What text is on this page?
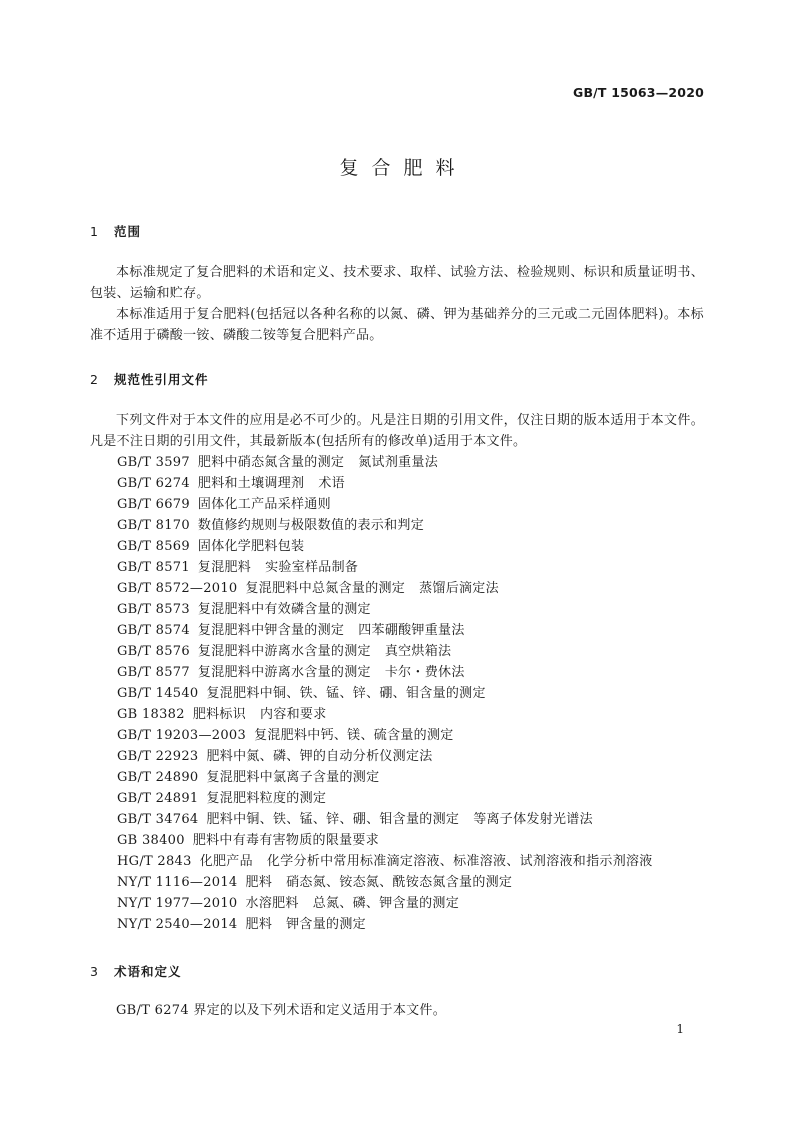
GB/T 15063—2020
复合肥料
1 范围
本标准规定了复合肥料的术语和定义、技术要求、取样、试验方法、检验规则、标识和质量证明书、包装、运输和贮存。
本标准适用于复合肥料(包括冠以各种名称的以氮、磷、钾为基础养分的三元或二元固体肥料)。本标准不适用于磷酸一铵、磷酸二铵等复合肥料产品。
2 规范性引用文件
下列文件对于本文件的应用是必不可少的。凡是注日期的引用文件，仅注日期的版本适用于本文件。凡是不注日期的引用文件，其最新版本(包括所有的修改单)适用于本文件。
GB/T 3597 肥料中硝态氮含量的测定 氮试剂重量法
GB/T 6274 肥料和土壤调理剂 术语
GB/T 6679 固体化工产品采样通则
GB/T 8170 数值修约规则与极限数值的表示和判定
GB/T 8569 固体化学肥料包装
GB/T 8571 复混肥料 实验室样品制备
GB/T 8572—2010 复混肥料中总氮含量的测定 蒸馏后滴定法
GB/T 8573 复混肥料中有效磷含量的测定
GB/T 8574 复混肥料中钾含量的测定 四苯硼酸钾重量法
GB/T 8576 复混肥料中游离水含量的测定 真空烘箱法
GB/T 8577 复混肥料中游离水含量的测定 卡尔・费休法
GB/T 14540 复混肥料中铜、铁、锰、锌、硼、钼含量的测定
GB 18382 肥料标识 内容和要求
GB/T 19203—2003 复混肥料中钙、镁、硫含量的测定
GB/T 22923 肥料中氮、磷、钾的自动分析仪测定法
GB/T 24890 复混肥料中氯离子含量的测定
GB/T 24891 复混肥料粒度的测定
GB/T 34764 肥料中铜、铁、锰、锌、硼、钼含量的测定 等离子体发射光谱法
GB 38400 肥料中有毒有害物质的限量要求
HG/T 2843 化肥产品 化学分析中常用标准滴定溶液、标准溶液、试剂溶液和指示剂溶液
NY/T 1116—2014 肥料 硝态氮、铵态氮、酰铵态氮含量的测定
NY/T 1977—2010 水溶肥料 总氮、磷、钾含量的测定
NY/T 2540—2014 肥料 钾含量的测定
3 术语和定义
GB/T 6274 界定的以及下列术语和定义适用于本文件。
1
